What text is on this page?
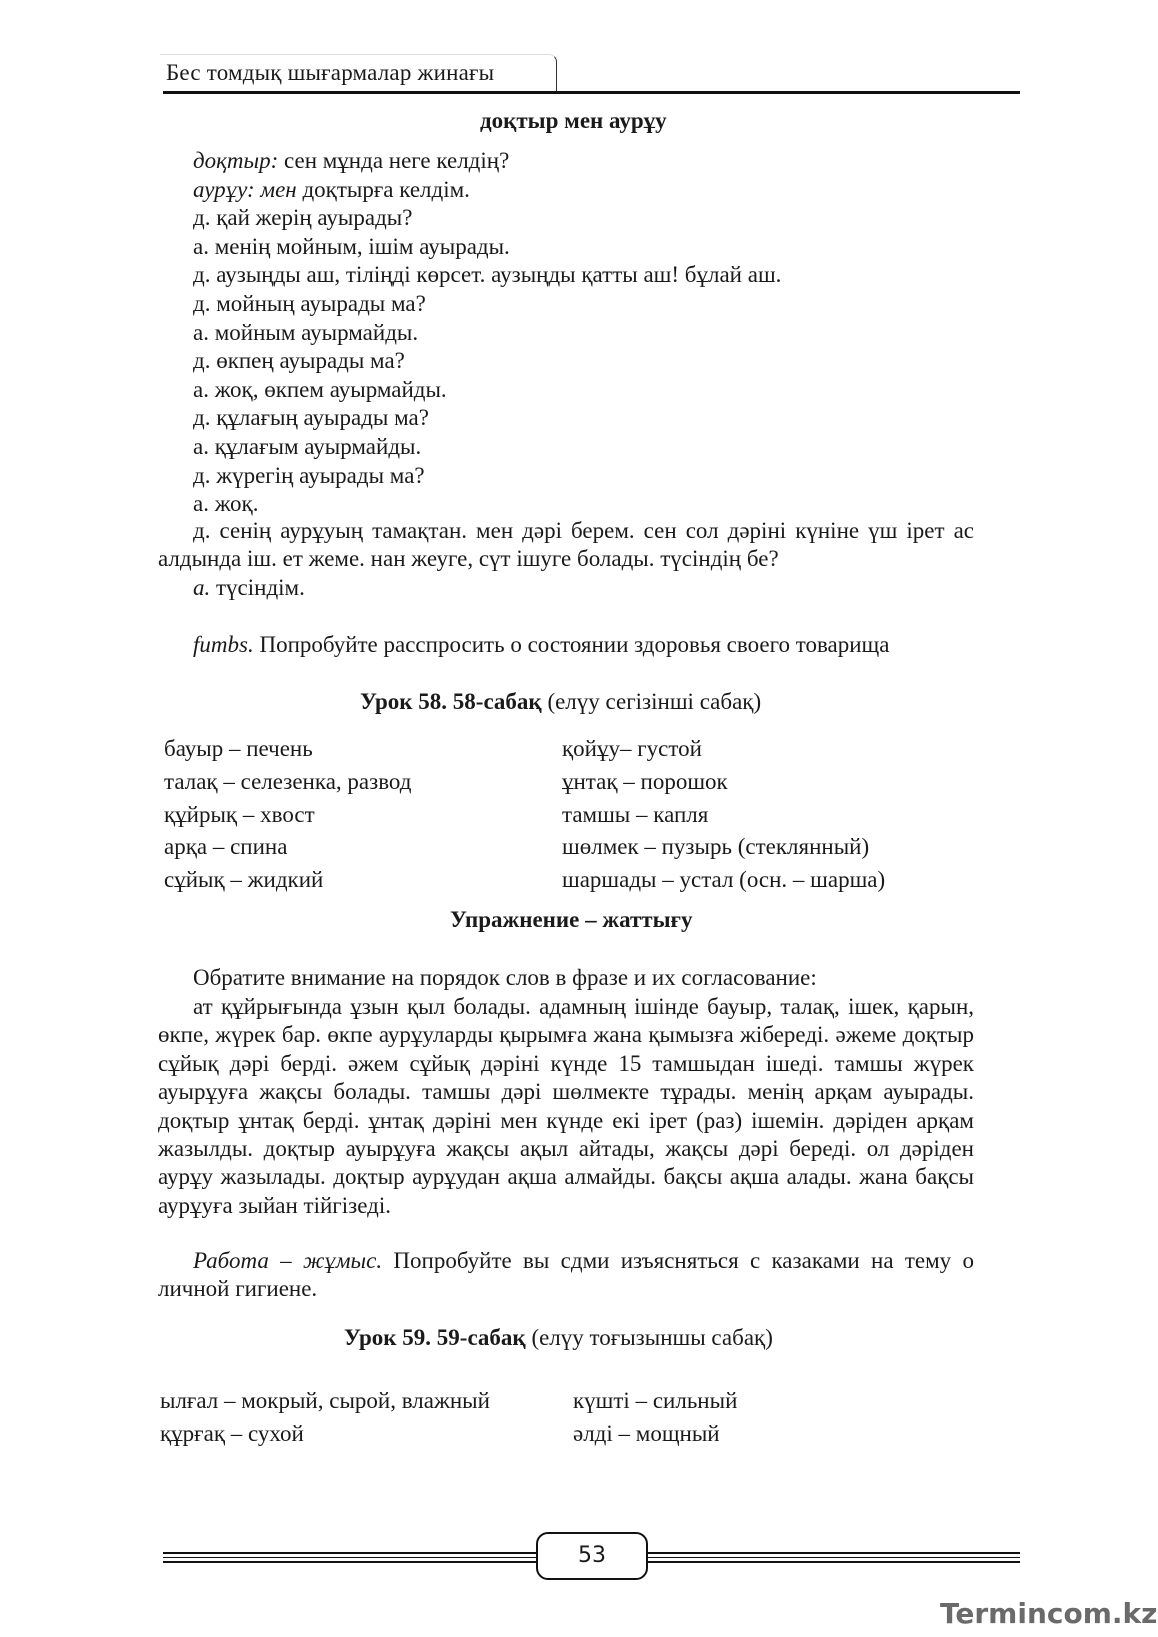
Бес томдық шығармалар жинағы
доқтыр мен аурұу
доқтыр: сен мұнда неге келдің?
аурұу: мен доқтырға келдім.
д. қай жерің ауырады?
а. менің мойным, ішім ауырады.
д. аузыңды аш, тіліңді көрсет. аузыңды қатты аш! бұлай аш.
д. мойның ауырады ма?
а. мойным ауырмайды.
д. өкпең ауырады ма?
а. жоқ, өкпем ауырмайды.
д. құлағың ауырады ма?
а. құлағым ауырмайды.
д. жүрегің ауырады ма?
а. жоқ.
д. сенің аурұуың тамақтан. мен дәрі берем. сен сол дәріні күніне үш ірет ас алдында іш. ет жеме. нан жеуге, сүт ішуге болады. түсіндің бе?
а. түсіндім.
fumbs. Попробуйте расспросить о состоянии здоровья своего товарища
Урок 58. 58-сабақ (елүу сегізінші сабақ)
бауыр – печень
талақ – селезенка, развод
құйрық – хвост
арқа – спина
сұйық – жидкий
қойұу– густой
ұнтақ – порошок
тамшы – капля
шөлмек – пузырь (стеклянный)
шаршады – устал (осн. – шарша)
Упражнение – жаттығу
Обратите внимание на порядок слов в фразе и их согласование:
ат құйрығында ұзын қыл болады. адамның ішінде бауыр, талақ, ішек, қарын, өкпе, жүрек бар. өкпе аурұуларды қырымға жана қымызға жібереді. әжеме доқтыр сұйық дәрі берді. әжем сұйық дәріні күнде 15 тамшыдан ішеді. тамшы жүрек ауырұуға жақсы болады. тамшы дәрі шөлмекте тұрады. менің арқам ауырады. доқтыр ұнтақ берді. ұнтақ дәріні мен күнде екі ірет (раз) ішемін. дәріден арқам жазылды. доқтыр ауырұуға жақсы ақыл айтады, жақсы дәрі береді. ол дәріден аурұу жазылады. доқтыр аурұудан ақша алмайды. бақсы ақша алады. жана бақсы аурұуға зыйан тійгізеді.
Работа – жұмыс. Попробуйте вы сдми изъясняться с казаками на тему о личной гигиене.
Урок 59. 59-сабақ (елүу тоғызыншы сабақ)
ылғал – мокрый, сырой, влажный
құрғақ – сухой
күшті – сильный
әлді – мощный
53
Termincom.kz
